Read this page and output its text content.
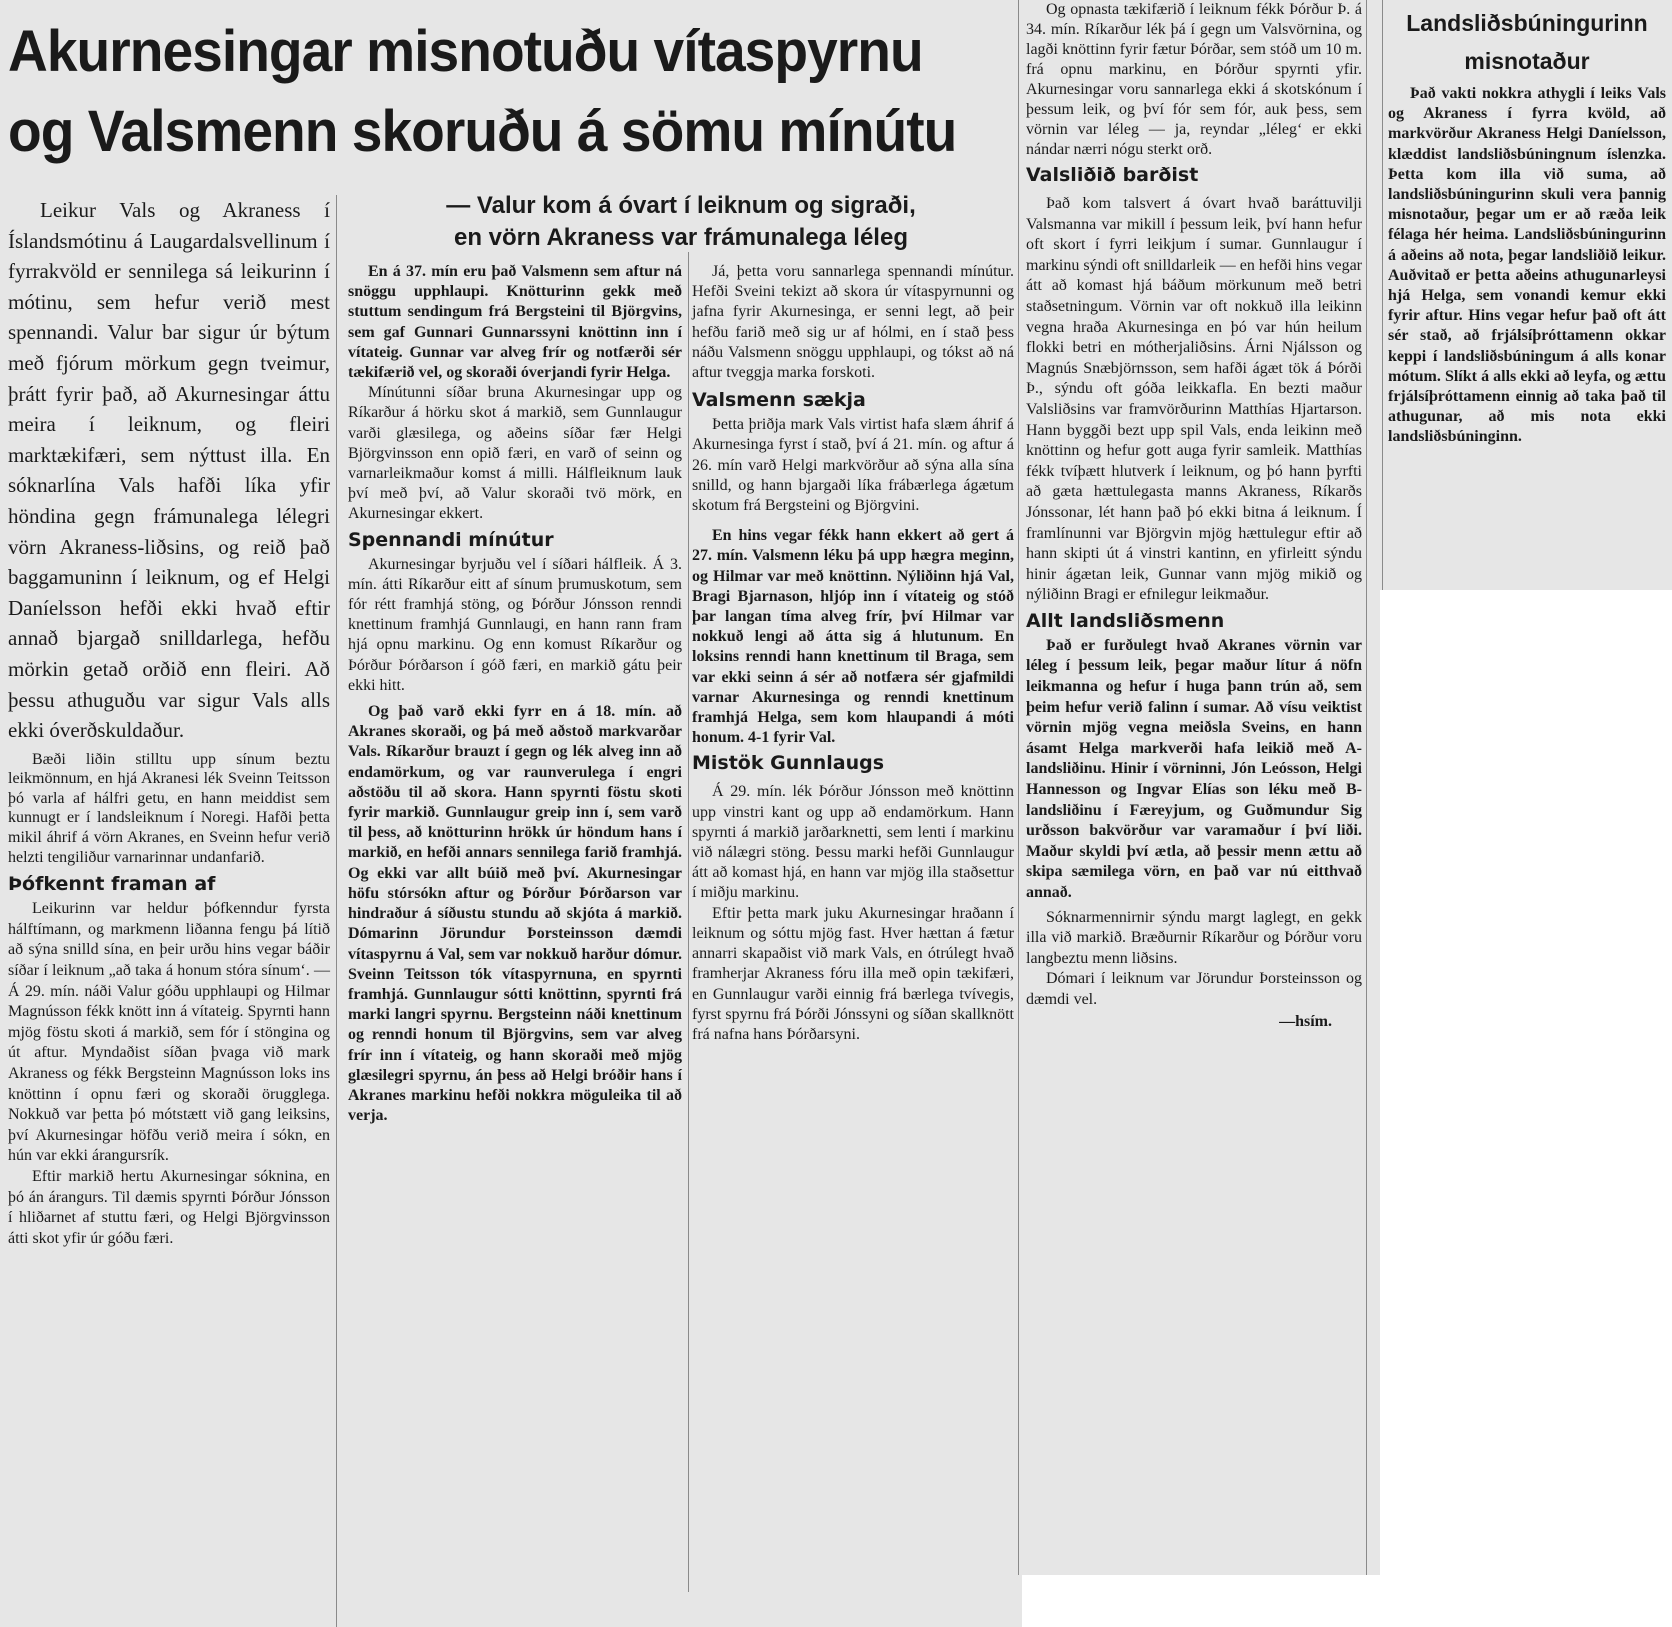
Akurnesingar misnotuðu vítaspyrnu
og Valsmenn skoruðu á sömu mínútu
— Valur kom á óvart í leiknum og sigraði,
en vörn Akraness var frámunalega léleg

Leikur Vals og Akraness í Íslandsmótinu á Laugardalsvellinum í fyrrakvöld er sennilega sá leikurinn í mótinu, sem hefur verið mest spennandi. Valur bar sigur úr býtum með fjórum mörkum gegn tveimur, þrátt fyrir það, að Akurnesingar áttu meira í leiknum, og fleiri marktækifæri, sem nýttust illa. En sóknarlína Vals hafði líka yfir höndina gegn frámunalega lélegri vörn Akraness-liðsins, og reið það baggamuninn í leiknum, og ef Helgi Daníelsson hefði ekki hvað eftir annað bjargað snilldarlega, hefðu mörkin getað orðið enn fleiri. Að þessu athuguðu var sigur Vals alls ekki óverðskuldaður.

Bæði liðin stilltu upp sínum beztu leikmönnum, en hjá Akranesi lék Sveinn Teitsson þó varla af hálfri getu, en hann meiddist sem kunnugt er í landsleiknum í Noregi. Hafði þetta mikil áhrif á vörn Akranes, en Sveinn hefur verið helzti tengiliður varnarinnar undanfarið.

Þófkennt framan af

Leikurinn var heldur þófkenndur fyrsta hálftímann, og markmenn liðanna fengu þá lítið að sýna snilld sína, en þeir urðu hins vegar báðir síðar í leiknum „að taka á honum stóra sínum‘. — Á 29. mín. náði Valur góðu upphlaupi og Hilmar Magnússon fékk knött inn á vítateig. Spyrnti hann mjög föstu skoti á markið, sem fór í stöngina og út aftur. Myndaðist síðan þvaga við mark Akraness og fékk Bergsteinn Magnússon loks ins knöttinn í opnu færi og skoraði örugglega. Nokkuð var þetta þó mótstætt við gang leiksins, því Akurnesingar höfðu verið meira í sókn, en hún var ekki árangursrík.

Eftir markið hertu Akurnesingar sóknina, en þó án árangurs. Til dæmis spyrnti Þórður Jónsson í hliðarnet af stuttu færi, og Helgi Björgvinsson átti skot yfir úr góðu færi.

En á 37. mín eru það Valsmenn sem aftur ná snöggu upphlaupi. Knötturinn gekk með stuttum sendingum frá Bergsteini til Björgvins, sem gaf Gunnari Gunnarssyni knöttinn inn í vítateig. Gunnar var alveg frír og notfærði sér tækifærið vel, og skoraði óverjandi fyrir Helga.

Mínútunni síðar bruna Akurnesingar upp og Ríkarður á hörku skot á markið, sem Gunnlaugur varði glæsilega, og aðeins síðar fær Helgi Björgvinsson enn opið færi, en varð of seinn og varnarleikmaður komst á milli. Hálfleiknum lauk því með því, að Valur skoraði tvö mörk, en Akurnesingar ekkert.

Spennandi mínútur

Akurnesingar byrjuðu vel í síðari hálfleik. Á 3. mín. átti Ríkarður eitt af sínum þrumuskotum, sem fór rétt framhjá stöng, og Þórður Jónsson renndi knettinum framhjá Gunnlaugi, en hann rann fram hjá opnu markinu. Og enn komust Ríkarður og Þórður Þórðarson í góð færi, en markið gátu þeir ekki hitt.

Og það varð ekki fyrr en á 18. mín. að Akranes skoraði, og þá með aðstoð markvarðar Vals. Ríkarður brauzt í gegn og lék alveg inn að endamörkum, og var raunverulega í engri aðstöðu til að skora. Hann spyrnti föstu skoti fyrir markið. Gunnlaugur greip inn í, sem varð til þess, að knötturinn hrökk úr höndum hans í markið, en hefði annars sennilega farið framhjá. Og ekki var allt búið með því. Akurnesingar höfu stórsókn aftur og Þórður Þórðarson var hindraður á síðustu stundu að skjóta á markið. Dómarinn Jörundur Þorsteinsson dæmdi vítaspyrnu á Val, sem var nokkuð harður dómur. Sveinn Teitsson tók vítaspyrnuna, en spyrnti framhjá. Gunnlaugur sótti knöttinn, spyrnti frá marki langri spyrnu. Bergsteinn náði knettinum og renndi honum til Björgvins, sem var alveg frír inn í vítateig, og hann skoraði með mjög glæsilegri spyrnu, án þess að Helgi bróðir hans í Akranes markinu hefði nokkra möguleika til að verja.

Já, þetta voru sannarlega spennandi mínútur. Hefði Sveini tekizt að skora úr vítaspyrnunni og jafna fyrir Akurnesinga, er senni legt, að þeir hefðu farið með sig ur af hólmi, en í stað þess náðu Valsmenn snöggu upphlaupi, og tókst að ná aftur tveggja marka forskoti.

Valsmenn sækja

Þetta þriðja mark Vals virtist hafa slæm áhrif á Akurnesinga fyrst í stað, því á 21. mín. og aftur á 26. mín varð Helgi markvörður að sýna alla sína snilld, og hann bjargaði líka frábærlega ágætum skotum frá Bergsteini og Björgvini.

En hins vegar fékk hann ekkert að gert á 27. mín. Valsmenn léku þá upp hægra meginn, og Hilmar var með knöttinn. Nýliðinn hjá Val, Bragi Bjarnason, hljóp inn í vítateig og stóð þar langan tíma alveg frír, því Hilmar var nokkuð lengi að átta sig á hlutunum. En loksins renndi hann knettinum til Braga, sem var ekki seinn á sér að notfæra sér gjafmildi varnar Akurnesinga og renndi knettinum framhjá Helga, sem kom hlaupandi á móti honum. 4-1 fyrir Val.

Mistök Gunnlaugs

Á 29. mín. lék Þórður Jónsson með knöttinn upp vinstri kant og upp að endamörkum. Hann spyrnti á markið jarðarknetti, sem lenti í markinu við nálægri stöng. Þessu marki hefði Gunnlaugur átt að komast hjá, en hann var mjög illa staðsettur í miðju markinu.

Eftir þetta mark juku Akurnesingar hraðann í leiknum og sóttu mjög fast. Hver hættan á fætur annarri skapaðist við mark Vals, en ótrúlegt hvað framherjar Akraness fóru illa með opin tækifæri, en Gunnlaugur varði einnig frá bærlega tvívegis, fyrst spyrnu frá Þórði Jónssyni og síðan skallknött frá nafna hans Þórðarsyni.

Og opnasta tækifærið í leiknum fékk Þórður Þ. á 34. mín. Ríkarður lék þá í gegn um Valsvörnina, og lagði knöttinn fyrir fætur Þórðar, sem stóð um 10 m. frá opnu markinu, en Þórður spyrnti yfir. Akurnesingar voru sannarlega ekki á skotskónum í þessum leik, og því fór sem fór, auk þess, sem vörnin var léleg — ja, reyndar „léleg‘ er ekki nándar nærri nógu sterkt orð.

Valsliðið barðist

Það kom talsvert á óvart hvað baráttuvilji Valsmanna var mikill í þessum leik, því hann hefur oft skort í fyrri leikjum í sumar. Gunnlaugur í markinu sýndi oft snilldarleik — en hefði hins vegar átt að komast hjá báðum mörkunum með betri staðsetningum. Vörnin var oft nokkuð illa leikinn vegna hraða Akurnesinga en þó var hún heilum flokki betri en mótherjaliðsins. Árni Njálsson og Magnús Snæbjörnsson, sem hafði ágæt tök á Þórði Þ., sýndu oft góða leikkafla. En bezti maður Valsliðsins var framvörðurinn Matthías Hjartarson. Hann byggði bezt upp spil Vals, enda leikinn með knöttinn og hefur gott auga fyrir samleik. Matthías fékk tvíþætt hlutverk í leiknum, og þó hann þyrfti að gæta hættulegasta manns Akraness, Ríkarðs Jónssonar, lét hann það þó ekki bitna á leiknum. Í framlínunni var Björgvin mjög hættulegur eftir að hann skipti út á vinstri kantinn, en yfirleitt sýndu hinir ágætan leik, Gunnar vann mjög mikið og nýliðinn Bragi er efnilegur leikmaður.

Allt landsliðsmenn

Það er furðulegt hvað Akranes vörnin var léleg í þessum leik, þegar maður lítur á nöfn leikmanna og hefur í huga þann trún að, sem þeim hefur verið falinn í sumar. Að vísu veiktist vörnin mjög vegna meiðsla Sveins, en hann ásamt Helga markverði hafa leikið með A-landsliðinu. Hinir í vörninni, Jón Leósson, Helgi Hannesson og Ingvar Elías son léku með B-landsliðinu í Færeyjum, og Guðmundur Sig urðsson bakvörður var varamaður í því liði. Maður skyldi því ætla, að þessir menn ættu að skipa sæmilega vörn, en það var nú eitthvað annað.

Sóknarmennirnir sýndu margt laglegt, en gekk illa við markið. Bræðurnir Ríkarður og Þórður voru langbeztu menn liðsins.

Dómari í leiknum var Jörundur Þorsteinsson og dæmdi vel.

—hsím.

Landsliðsbúningurinn
misnotaður

Það vakti nokkra athygli í leiks Vals og Akraness í fyrra kvöld, að markvörður Akraness Helgi Daníelsson, klæddist landsliðsbúningnum íslenzka. Þetta kom illa við suma, að landsliðsbúningurinn skuli vera þannig misnotaður, þegar um er að ræða leik félaga hér heima. Landsliðsbúningurinn á aðeins að nota, þegar landsliðið leikur. Auðvitað er þetta aðeins athugunarleysi hjá Helga, sem vonandi kemur ekki fyrir aftur. Hins vegar hefur það oft átt sér stað, að frjálsíþróttamenn okkar keppi í landsliðsbúningum á alls konar mótum. Slíkt á alls ekki að leyfa, og ættu frjálsíþróttamenn einnig að taka það til athugunar, að mis nota ekki landsliðsbúninginn.
